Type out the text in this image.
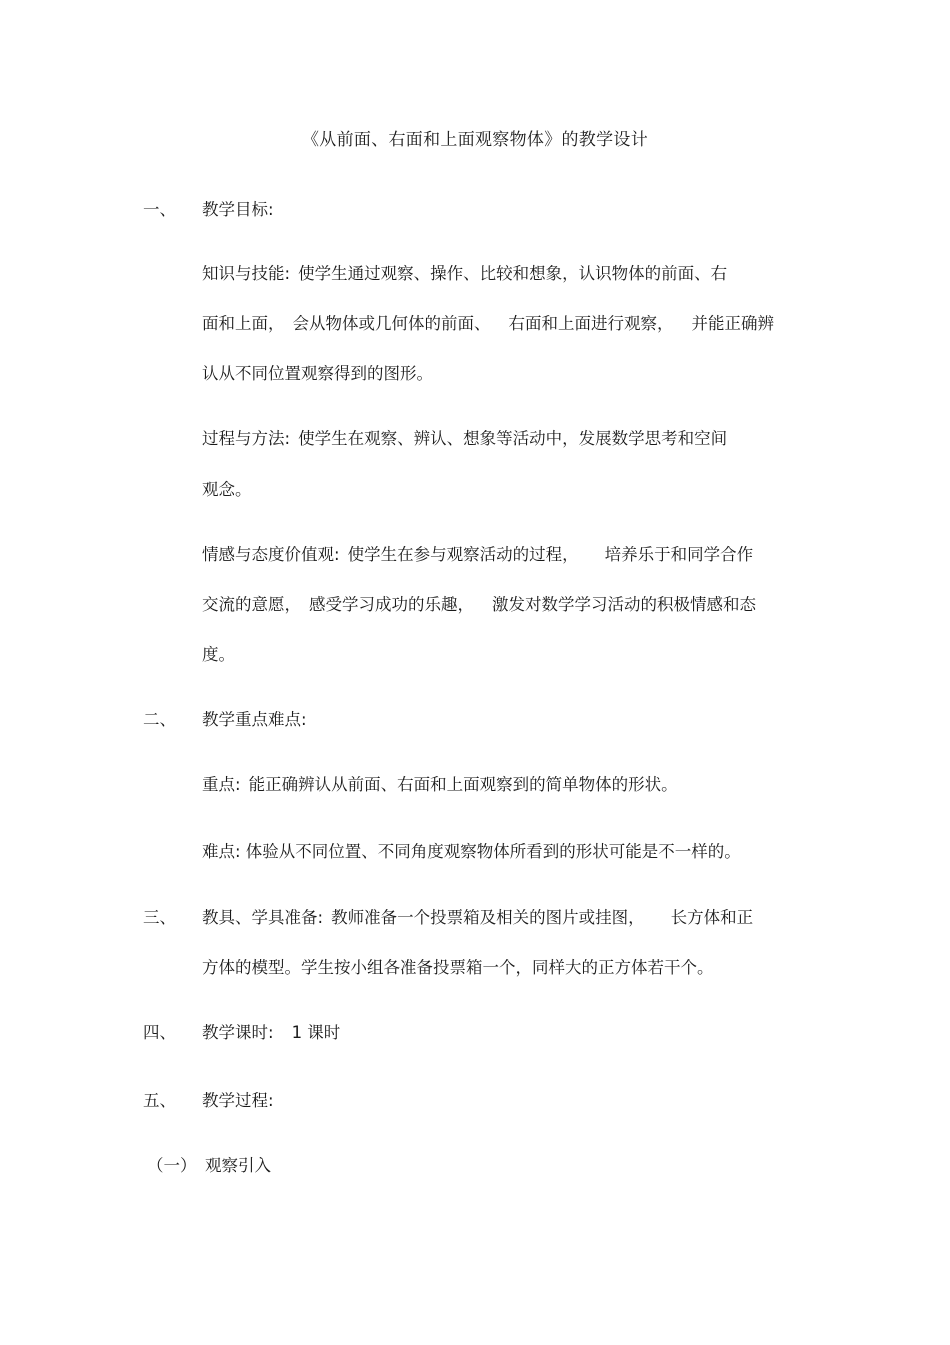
《从前面、右面和上面观察物体》的教学设计
一、 教学目标:
知识与技能: 使学生通过观察、操作、比较和想象，认识物体的前面、右
面和上面， 会从物体或几何体的前面、 右面和上面进行观察， 并能正确辨
认从不同位置观察得到的图形。
过程与方法: 使学生在观察、辨认、想象等活动中，发展数学思考和空间
观念。
情感与态度价值观: 使学生在参与观察活动的过程， 培养乐于和同学合作
交流的意愿， 感受学习成功的乐趣， 激发对数学学习活动的积极情感和态
度。
二、 教学重点难点:
重点: 能正确辨认从前面、右面和上面观察到的简单物体的形状。
难点: 体验从不同位置、不同角度观察物体所看到的形状可能是不一样的。
三、 教具、学具准备: 教师准备一个投票箱及相关的图片或挂图， 长方体和正
方体的模型。学生按小组各准备投票箱一个，同样大的正方体若干个。
四、 教学课时: 1 课时
五、 教学过程:
（一） 观察引入
